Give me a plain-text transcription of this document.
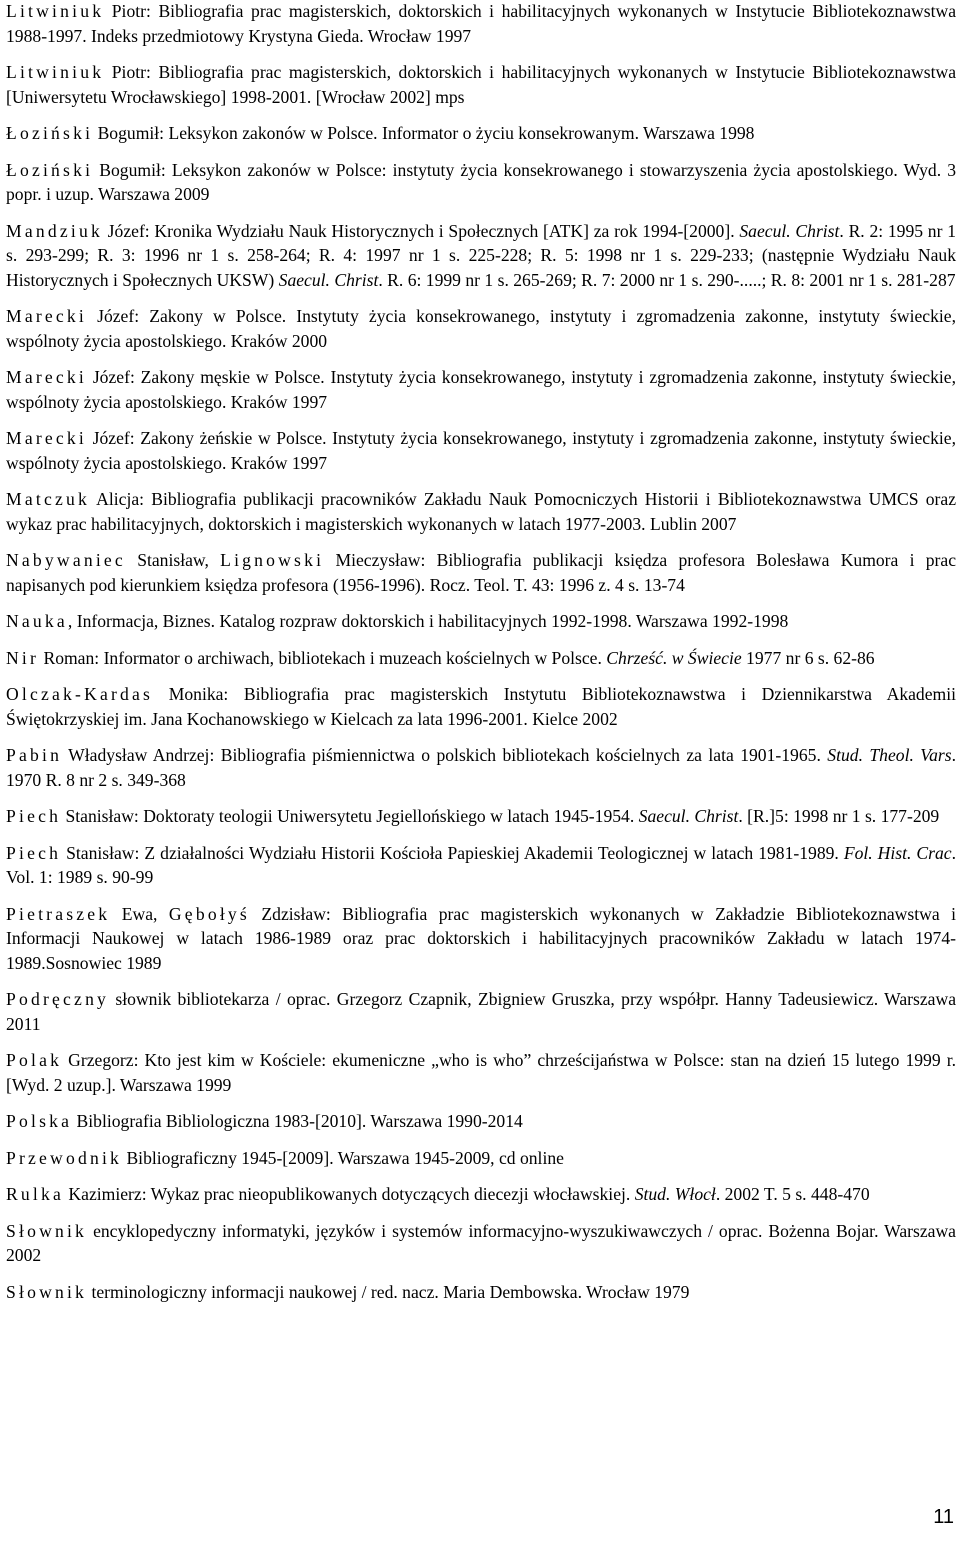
Litwiniuk Piotr: Bibliografia prac magisterskich, doktorskich i habilitacyjnych wykonanych w Instytucie Bibliotekoznawstwa 1988-1997. Indeks przedmiotowy Krystyna Gieda. Wrocław 1997

Litwiniuk Piotr: Bibliografia prac magisterskich, doktorskich i habilitacyjnych wykonanych w Instytucie Bibliotekoznawstwa [Uniwersytetu Wrocławskiego] 1998-2001. [Wrocław 2002] mps

Łoziński Bogumił: Leksykon zakonów w Polsce. Informator o życiu konsekrowanym. Warszawa 1998

Łoziński Bogumił: Leksykon zakonów w Polsce: instytuty życia konsekrowanego i stowarzyszenia życia apostolskiego. Wyd. 3 popr. i uzup. Warszawa 2009

Mandziuk Józef: Kronika Wydziału Nauk Historycznych i Społecznych [ATK] za rok 1994-[2000]. Saecul. Christ. R. 2: 1995 nr 1 s. 293-299; R. 3: 1996 nr 1 s. 258-264; R. 4: 1997 nr 1 s. 225-228; R. 5: 1998 nr 1 s. 229-233; (następnie Wydziału Nauk Historycznych i Społecznych UKSW) Saecul. Christ. R. 6: 1999 nr 1 s. 265-269; R. 7: 2000 nr 1 s. 290-.....; R. 8: 2001 nr 1 s. 281-287

Marecki Józef: Zakony w Polsce. Instytuty życia konsekrowanego, instytuty i zgromadzenia zakonne, instytuty świeckie, wspólnoty życia apostolskiego. Kraków 2000

Marecki Józef: Zakony męskie w Polsce. Instytuty życia konsekrowanego, instytuty i zgromadzenia zakonne, instytuty świeckie, wspólnoty życia apostolskiego. Kraków 1997

Marecki Józef: Zakony żeńskie w Polsce. Instytuty życia konsekrowanego, instytuty i zgromadzenia zakonne, instytuty świeckie, wspólnoty życia apostolskiego. Kraków 1997

Matczuk Alicja: Bibliografia publikacji pracowników Zakładu Nauk Pomocniczych Historii i Bibliotekoznawstwa UMCS oraz wykaz prac habilitacyjnych, doktorskich i magisterskich wykonanych w latach 1977-2003. Lublin 2007

Nabywaniec Stanisław, Lignowski Mieczysław: Bibliografia publikacji księdza profesora Bolesława Kumora i prac napisanych pod kierunkiem księdza profesora (1956-1996). Rocz. Teol. T. 43: 1996 z. 4 s. 13-74

Nauka, Informacja, Biznes. Katalog rozpraw doktorskich i habilitacyjnych 1992-1998. Warszawa 1992-1998

Nir Roman: Informator o archiwach, bibliotekach i muzeach kościelnych w Polsce. Chrześć. w Świecie 1977 nr 6 s. 62-86

Olczak-Kardas Monika: Bibliografia prac magisterskich Instytutu Bibliotekoznawstwa i Dziennikarstwa Akademii Świętokrzyskiej im. Jana Kochanowskiego w Kielcach za lata 1996-2001. Kielce 2002

Pabin Władysław Andrzej: Bibliografia piśmiennictwa o polskich bibliotekach kościelnych za lata 1901-1965. Stud. Theol. Vars. 1970 R. 8 nr 2 s. 349-368

Piech Stanisław: Doktoraty teologii Uniwersytetu Jegiellońskiego w latach 1945-1954. Saecul. Christ. [R.]5: 1998 nr 1 s. 177-209

Piech Stanisław: Z działalności Wydziału Historii Kościoła Papieskiej Akademii Teologicznej w latach 1981-1989. Fol. Hist. Crac. Vol. 1: 1989 s. 90-99

Pietraszek Ewa, Gębołyś Zdzisław: Bibliografia prac magisterskich wykonanych w Zakładzie Bibliotekoznawstwa i Informacji Naukowej w latach 1986-1989 oraz prac doktorskich i habilitacyjnych pracowników Zakładu w latach 1974-1989.Sosnowiec 1989

Podręczny słownik bibliotekarza / oprac. Grzegorz Czapnik, Zbigniew Gruszka, przy współpr. Hanny Tadeusiewicz. Warszawa 2011

Polak Grzegorz: Kto jest kim w Kościele: ekumeniczne „who is who” chrześcijaństwa w Polsce: stan na dzień 15 lutego 1999 r. [Wyd. 2 uzup.]. Warszawa 1999

Polska Bibliografia Bibliologiczna 1983-[2010]. Warszawa 1990-2014

Przewodnik Bibliograficzny 1945-[2009]. Warszawa 1945-2009, cd online

Rulka Kazimierz: Wykaz prac nieopublikowanych dotyczących diecezji włocławskiej. Stud. Włocł. 2002 T. 5 s. 448-470

Słownik encyklopedyczny informatyki, języków i systemów informacyjno-wyszukiwawczych / oprac. Bożenna Bojar. Warszawa 2002

Słownik terminologiczny informacji naukowej / red. nacz. Maria Dembowska. Wrocław 1979

11
